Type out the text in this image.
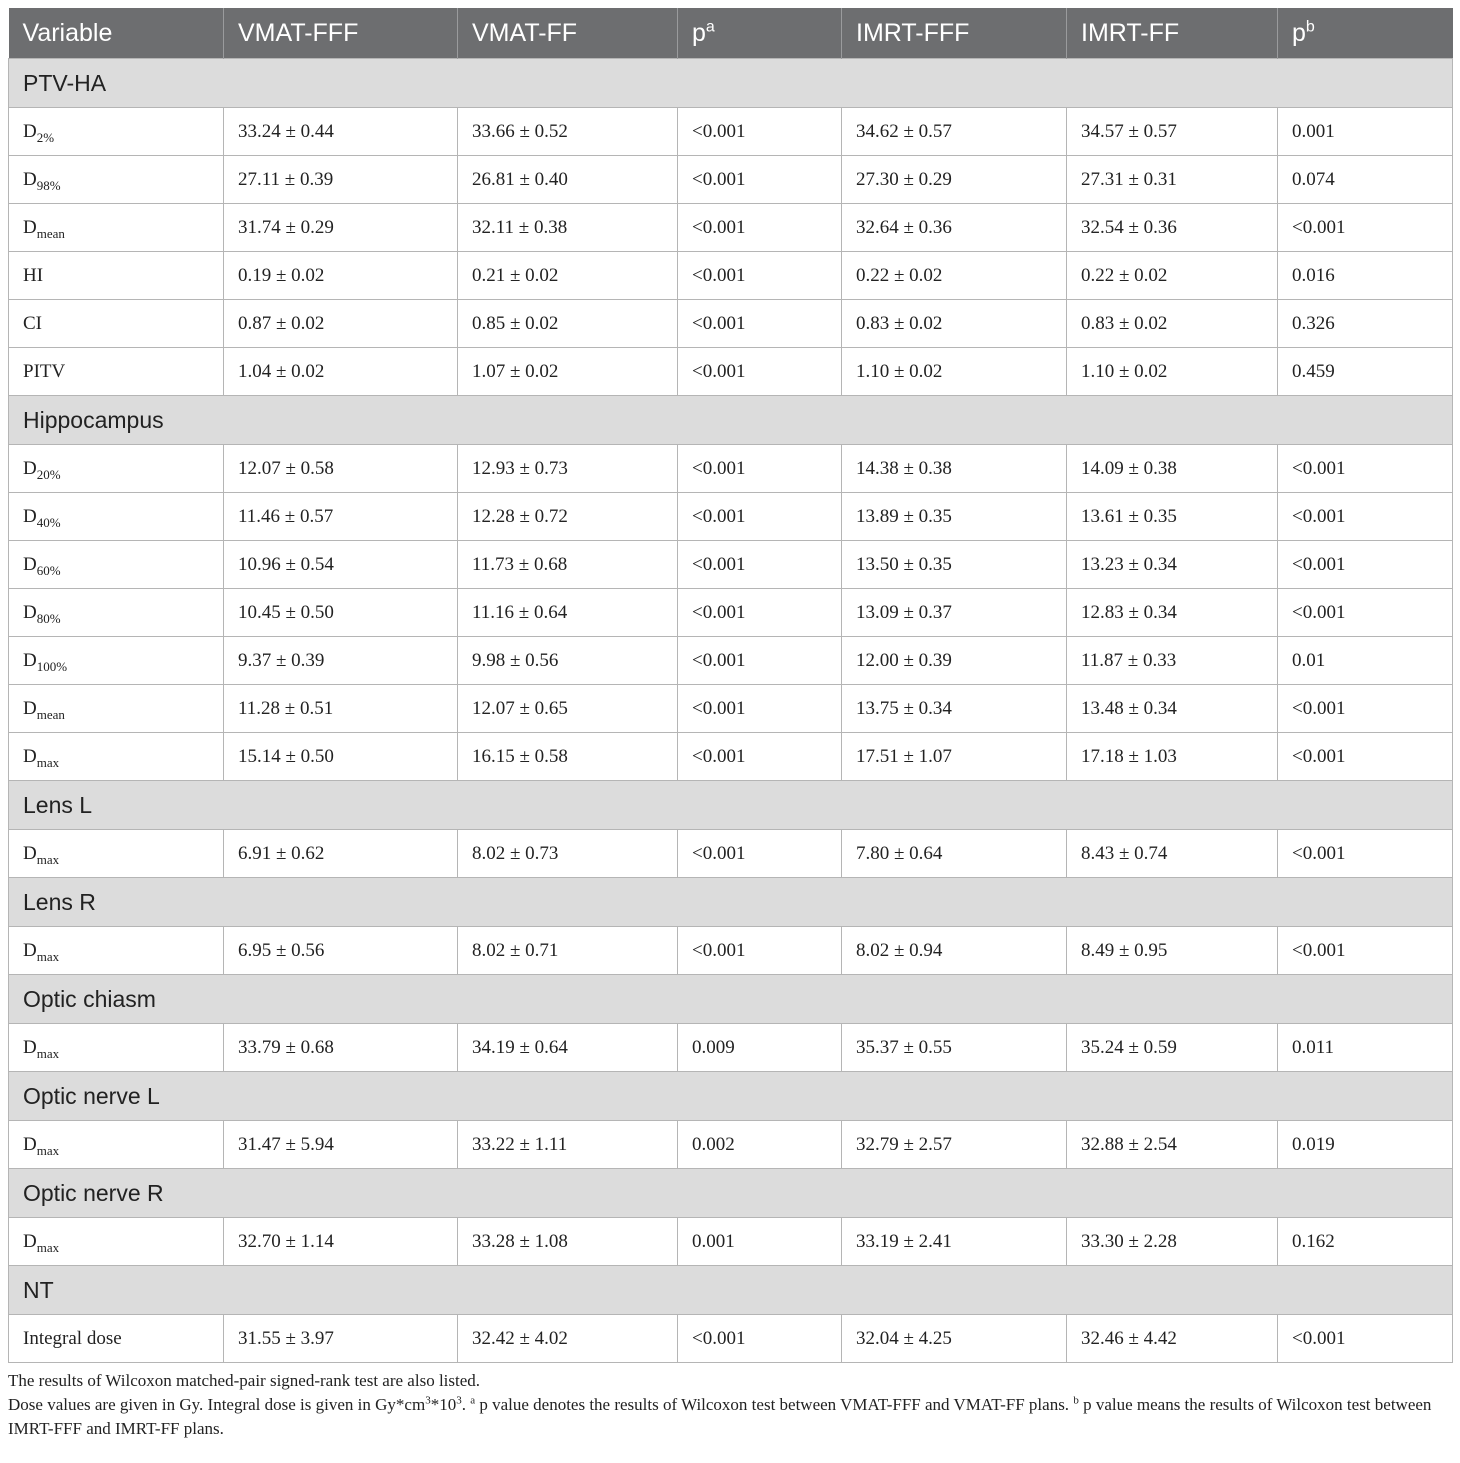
Variable	VMAT-FFF	VMAT-FF	$p^a$	IMRT-FFF	IMRT-FF	$p^b$
PTV-HA						
$D_{2\%}$	33.24 ± 0.44	33.66 ± 0.52	<0.001	34.62 ± 0.57	34.57 ± 0.57	0.001
$D_{98\%}$	27.11 ± 0.39	26.81 ± 0.40	<0.001	27.30 ± 0.29	27.31 ± 0.31	0.074
$D_{mean}$	31.74 ± 0.29	32.11 ± 0.38	<0.001	32.64 ± 0.36	32.54 ± 0.36	<0.001
HI	0.19 ± 0.02	0.21 ± 0.02	<0.001	0.22 ± 0.02	0.22 ± 0.02	0.016
CI	0.87 ± 0.02	0.85 ± 0.02	<0.001	0.83 ± 0.02	0.83 ± 0.02	0.326
PITV	1.04 ± 0.02	1.07 ± 0.02	<0.001	1.10 ± 0.02	1.10 ± 0.02	0.459
Hippocampus						
$D_{20\%}$	12.07 ± 0.58	12.93 ± 0.73	<0.001	14.38 ± 0.38	14.09 ± 0.38	<0.001
$D_{40\%}$	11.46 ± 0.57	12.28 ± 0.72	<0.001	13.89 ± 0.35	13.61 ± 0.35	<0.001
$D_{60\%}$	10.96 ± 0.54	11.73 ± 0.68	<0.001	13.50 ± 0.35	13.23 ± 0.34	<0.001
$D_{80\%}$	10.45 ± 0.50	11.16 ± 0.64	<0.001	13.09 ± 0.37	12.83 ± 0.34	<0.001
$D_{100\%}$	9.37 ± 0.39	9.98 ± 0.56	<0.001	12.00 ± 0.39	11.87 ± 0.33	0.01
$D_{mean}$	11.28 ± 0.51	12.07 ± 0.65	<0.001	13.75 ± 0.34	13.48 ± 0.34	<0.001
$D_{max}$	15.14 ± 0.50	16.15 ± 0.58	<0.001	17.51 ± 1.07	17.18 ± 1.03	<0.001
Lens L						
$D_{max}$	6.91 ± 0.62	8.02 ± 0.73	<0.001	7.80 ± 0.64	8.43 ± 0.74	<0.001
Lens R						
$D_{max}$	6.95 ± 0.56	8.02 ± 0.71	<0.001	8.02 ± 0.94	8.49 ± 0.95	<0.001
Optic chiasm						
$D_{max}$	33.79 ± 0.68	34.19 ± 0.64	0.009	35.37 ± 0.55	35.24 ± 0.59	0.011
Optic nerve L						
$D_{max}$	31.47 ± 5.94	33.22 ± 1.11	0.002	32.79 ± 2.57	32.88 ± 2.54	0.019
Optic nerve R						
$D_{max}$	32.70 ± 1.14	33.28 ± 1.08	0.001	33.19 ± 2.41	33.30 ± 2.28	0.162
NT						
Integral dose	31.55 ± 3.97	32.42 ± 4.02	<0.001	32.04 ± 4.25	32.46 ± 4.42	<0.001

The results of Wilcoxon matched-pair signed-rank test are also listed.

Dose values are given in Gy. Integral dose is given in $Gy*cm^3*10^3$. $^a$ p value denotes the results of Wilcoxon test between VMAT-FFF and VMAT-FF plans. $^b$ p value means the results of Wilcoxon test between IMRT-FFF and IMRT-FF plans.
